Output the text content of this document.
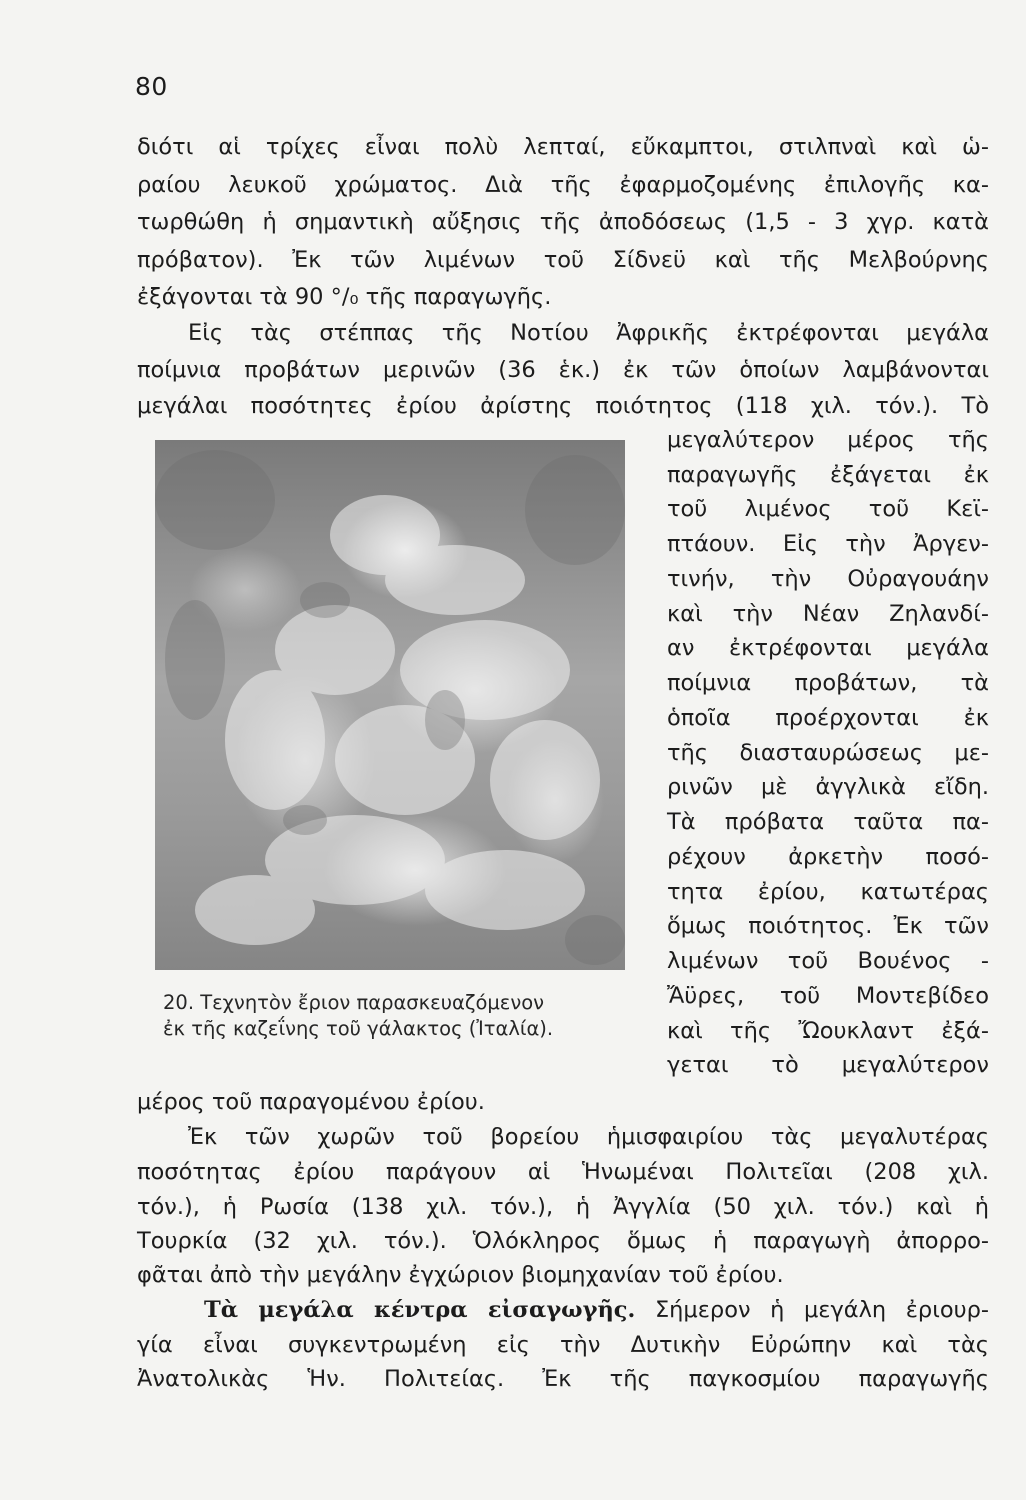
80
διότι αἱ τρίχες εἶναι πολὺ λεπταί, εὔκαμπτοι, στιλπναὶ καὶ ὡ-
ραίου λευκοῦ χρώματος. Διὰ τῆς ἐφαρμοζομένης ἐπιλογῆς κα-
τωρθώθη ἡ σημαντικὴ αὔξησις τῆς ἀποδόσεως (1,5 - 3 χγρ. κατὰ
πρόβατον). Ἐκ τῶν λιμένων τοῦ Σίδνεϋ καὶ τῆς Μελβούρνης
ἐξάγονται τὰ 90 °/₀ τῆς παραγωγῆς.
Εἰς τὰς στέππας τῆς Νοτίου Ἀφρικῆς ἐκτρέφονται μεγάλα
ποίμνια προβάτων μερινῶν (36 ἑκ.) ἐκ τῶν ὁποίων λαμβάνονται
μεγάλαι ποσότητες ἐρίου ἀρίστης ποιότητος (118 χιλ. τόν.). Τὸ
μεγαλύτερον μέρος τῆς
παραγωγῆς ἐξάγεται ἐκ
τοῦ λιμένος τοῦ Κεϊ-
πτάουν. Εἰς τὴν Ἀργεν-
τινήν, τὴν Οὐραγουάην
καὶ τὴν Νέαν Ζηλανδί-
αν ἐκτρέφονται μεγάλα
ποίμνια προβάτων, τὰ
ὁποῖα προέρχονται ἐκ
τῆς διασταυρώσεως με-
ρινῶν μὲ ἀγγλικὰ εἴδη.
Τὰ πρόβατα ταῦτα πα-
ρέχουν ἀρκετὴν ποσό-
τητα ἐρίου, κατωτέρας
ὅμως ποιότητος. Ἐκ τῶν
λιμένων τοῦ Βουένος -
Ἄϋρες, τοῦ Μοντεβίδεο
καὶ τῆς Ὤουκλαντ ἐξά-
γεται τὸ μεγαλύτερον
20. Τεχνητὸν ἔριον παρασκευαζόμενον
ἐκ τῆς καζεΐνης τοῦ γάλακτος (Ἰταλία).
μέρος τοῦ παραγομένου ἐρίου.
Ἐκ τῶν χωρῶν τοῦ βορείου ἡμισφαιρίου τὰς μεγαλυτέρας
ποσότητας ἐρίου παράγουν αἱ Ἡνωμέναι Πολιτεῖαι (208 χιλ.
τόν.), ἡ Ρωσία (138 χιλ. τόν.), ἡ Ἀγγλία (50 χιλ. τόν.) καὶ ἡ
Τουρκία (32 χιλ. τόν.). Ὁλόκληρος ὅμως ἡ παραγωγὴ ἀπορρο-
φᾶται ἀπὸ τὴν μεγάλην ἐγχώριον βιομηχανίαν τοῦ ἐρίου.
Τὰ μεγάλα κέντρα εἰσαγωγῆς. Σήμερον ἡ μεγάλη ἐριουρ-
γία εἶναι συγκεντρωμένη εἰς τὴν Δυτικὴν Εὐρώπην καὶ τὰς
Ἀνατολικὰς Ἡν. Πολιτείας. Ἐκ τῆς παγκοσμίου παραγωγῆς
